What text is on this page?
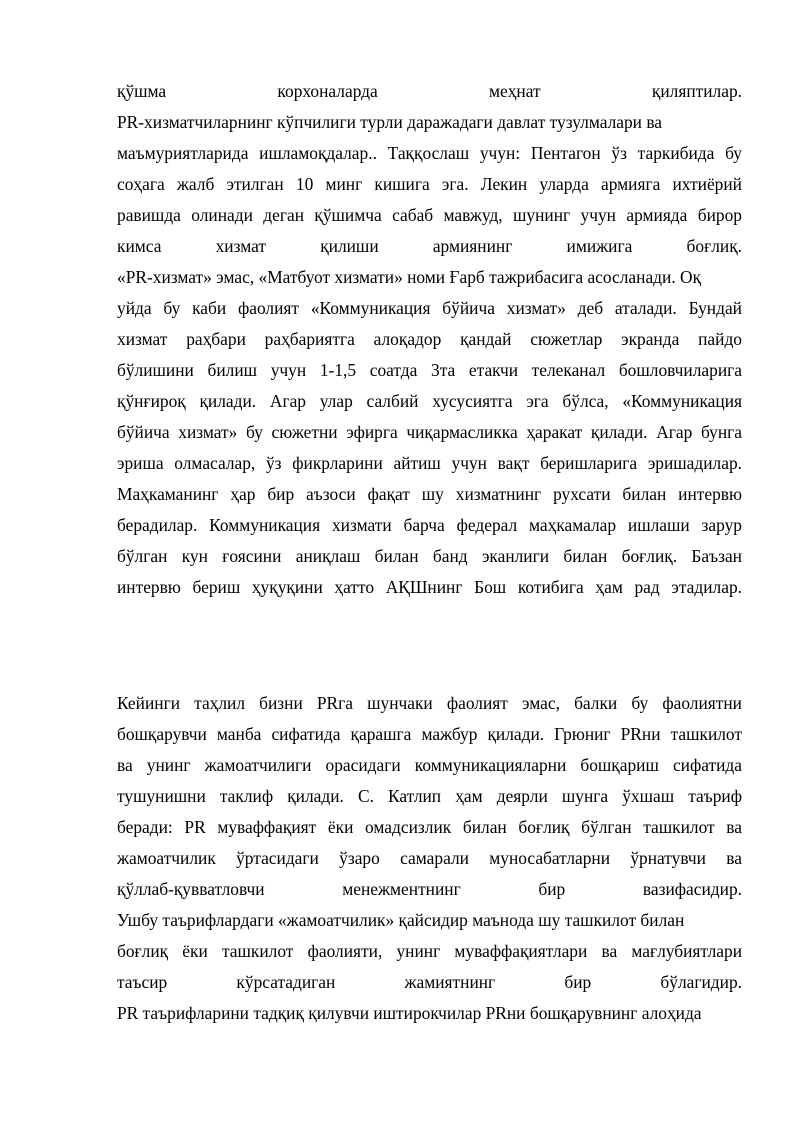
қўшма корхоналарда меҳнат қиляптилар.
PR-хизматчиларнинг кўпчилиги турли даражадаги давлат тузулмалари ва
маъмуриятларида ишламоқдалар.. Таққослаш учун: Пентагон ўз таркибида бу
соҳага жалб этилган 10 минг кишига эга. Лекин уларда армияга ихтиёрий
равишда олинади деган қўшимча сабаб мавжуд, шунинг учун армияда бирор
кимса хизмат қилиши армиянинг имижига боғлиқ.
«PR-хизмат» эмас, «Матбуот хизмати» номи Ғарб тажрибасига асосланади. Оқ
уйда бу каби фаолият «Коммуникация бўйича хизмат» деб аталади. Бундай
хизмат раҳбари раҳбариятга алоқадор қандай сюжетлар экранда пайдо
бўлишини билиш учун 1-1,5 соатда 3та етакчи телеканал бошловчиларига
қўнғироқ қилади. Агар улар салбий хусусиятга эга бўлса, «Коммуникация
бўйича хизмат» бу сюжетни эфирга чиқармасликка ҳаракат қилади. Агар бунга
эриша олмасалар, ўз фикрларини айтиш учун вақт беришларига эришадилар.
Маҳкаманинг ҳар бир аъзоси фақат шу хизматнинг рухсати билан интервю
берадилар. Коммуникация хизмати барча федерал маҳкамалар ишлаши зарур
бўлган кун ғоясини аниқлаш билан банд эканлиги билан боғлиқ. Баъзан
интервю бериш ҳуқуқини ҳатто АҚШнинг Бош котибига ҳам рад этадилар.
Кейинги таҳлил бизни PRга шунчаки фаолият эмас, балки бу фаолиятни
бошқарувчи манба сифатида қарашга мажбур қилади. Грюниг PRни ташкилот
ва унинг жамоатчилиги орасидаги коммуникацияларни бошқариш сифатида
тушунишни таклиф қилади. С. Катлип ҳам деярли шунга ўхшаш таъриф
беради: PR муваффақият ёки омадсизлик билан боғлиқ бўлган ташкилот ва
жамоатчилик ўртасидаги ўзаро самарали муносабатларни ўрнатувчи ва
қўллаб-қувватловчи менежментнинг бир вазифасидир.
Ушбу таърифлардаги «жамоатчилик» қайсидир маънода шу ташкилот билан
боғлиқ ёки ташкилот фаолияти, унинг муваффақиятлари ва мағлубиятлари
таъсир кўрсатадиган жамиятнинг бир бўлагидир.
PR таърифларини тадқиқ қилувчи иштирокчилар PRни бошқарувнинг алоҳида
